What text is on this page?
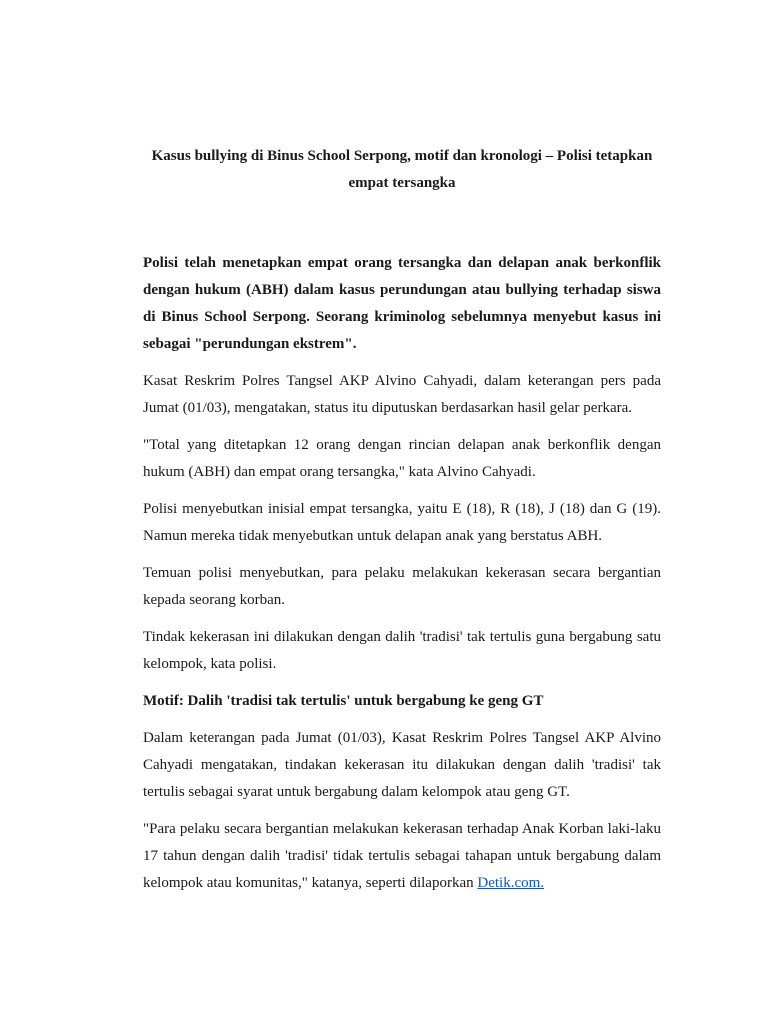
Kasus bullying di Binus School Serpong, motif dan kronologi – Polisi tetapkan empat tersangka

Polisi telah menetapkan empat orang tersangka dan delapan anak berkonflik dengan hukum (ABH) dalam kasus perundungan atau bullying terhadap siswa di Binus School Serpong. Seorang kriminolog sebelumnya menyebut kasus ini sebagai "perundungan ekstrem".

Kasat Reskrim Polres Tangsel AKP Alvino Cahyadi, dalam keterangan pers pada Jumat (01/03), mengatakan, status itu diputuskan berdasarkan hasil gelar perkara.

"Total yang ditetapkan 12 orang dengan rincian delapan anak berkonflik dengan hukum (ABH) dan empat orang tersangka," kata Alvino Cahyadi.

Polisi menyebutkan inisial empat tersangka, yaitu E (18), R (18), J (18) dan G (19). Namun mereka tidak menyebutkan untuk delapan anak yang berstatus ABH.

Temuan polisi menyebutkan, para pelaku melakukan kekerasan secara bergantian kepada seorang korban.

Tindak kekerasan ini dilakukan dengan dalih 'tradisi' tak tertulis guna bergabung satu kelompok, kata polisi.

Motif: Dalih 'tradisi tak tertulis' untuk bergabung ke geng GT

Dalam keterangan pada Jumat (01/03), Kasat Reskrim Polres Tangsel AKP Alvino Cahyadi mengatakan, tindakan kekerasan itu dilakukan dengan dalih 'tradisi' tak tertulis sebagai syarat untuk bergabung dalam kelompok atau geng GT.

"Para pelaku secara bergantian melakukan kekerasan terhadap Anak Korban laki-laku 17 tahun dengan dalih 'tradisi' tidak tertulis sebagai tahapan untuk bergabung dalam kelompok atau komunitas," katanya, seperti dilaporkan Detik.com.
